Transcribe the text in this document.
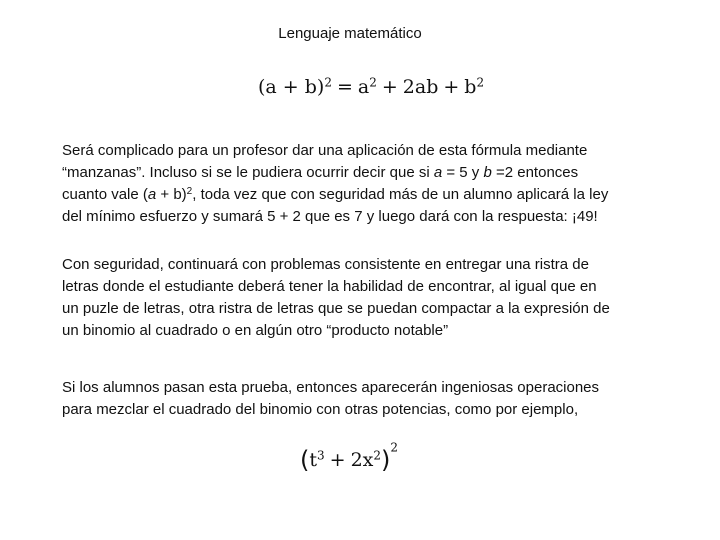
Lenguaje matemático
$(a + b)^2 = a^2 + 2ab + b^2$

Será complicado para un profesor dar una aplicación de esta fórmula mediante
“manzanas”. Incluso si se le pudiera ocurrir decir que si a = 5 y b =2 entonces
cuanto vale $(a + b)^2$, toda vez que con seguridad más de un alumno aplicará la ley
del mínimo esfuerzo y sumará 5 + 2 que es 7 y luego dará con la respuesta: ¡49!

Con seguridad, continuará con problemas consistente en entregar una ristra de
letras donde el estudiante deberá tener la habilidad de encontrar, al igual que en
un puzle de letras, otra ristra de letras que se puedan compactar a la expresión de
un binomio al cuadrado o en algún otro “producto notable”

Si los alumnos pasan esta prueba, entonces aparecerán ingeniosas operaciones
para mezclar el cuadrado del binomio con otras potencias, como por ejemplo,

$(t^3 + 2x^2)^2$
